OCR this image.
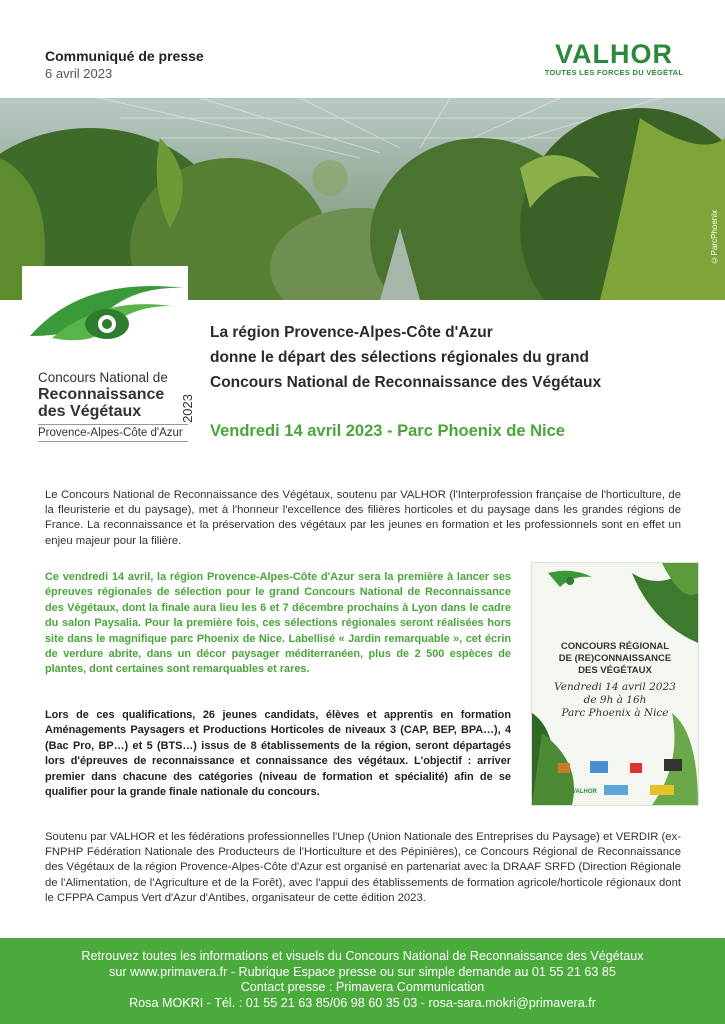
Communiqué de presse
6 avril 2023
VALHOR
TOUTES LES FORCES DU VÉGÉTAL
©ParcPhoenix
Concours National de
Reconnaissance
des Végétaux
Provence-Alpes-Côte d'Azur
2023
La région Provence-Alpes-Côte d'Azur
donne le départ des sélections régionales du grand
Concours National de Reconnaissance des Végétaux
Vendredi 14 avril 2023 - Parc Phoenix de Nice
Le Concours National de Reconnaissance des Végétaux, soutenu par VALHOR (l'Interprofession française de l'horticulture, de la fleuristerie et du paysage), met à l'honneur l'excellence des filières horticoles et du paysage dans les grandes régions de France. La reconnaissance et la préservation des végétaux par les jeunes en formation et les professionnels sont en effet un enjeu majeur pour la filière.
Ce vendredi 14 avril, la région Provence-Alpes-Côte d'Azur sera la première à lancer ses épreuves régionales de sélection pour le grand Concours National de Reconnaissance des Végétaux, dont la finale aura lieu les 6 et 7 décembre prochains à Lyon dans le cadre du salon Paysalia. Pour la première fois, ces sélections régionales seront réalisées hors site dans le magnifique parc Phoenix de Nice. Labellisé « Jardin remarquable », cet écrin de verdure abrite, dans un décor paysager méditerranéen, plus de 2 500 espèces de plantes, dont certaines sont remarquables et rares.
Lors de ces qualifications, 26 jeunes candidats, élèves et apprentis en formation Aménagements Paysagers et Productions Horticoles de niveaux 3 (CAP, BEP, BPA…), 4 (Bac Pro, BP…) et 5 (BTS…) issus de 8 établissements de la région, seront départagés lors d'épreuves de reconnaissance et connaissance des végétaux. L'objectif : arriver premier dans chacune des catégories (niveau de formation et spécialité) afin de se qualifier pour la grande finale nationale du concours.
Soutenu par VALHOR et les fédérations professionnelles l'Unep (Union Nationale des Entreprises du Paysage) et VERDIR (ex-FNPHP Fédération Nationale des Producteurs de l'Horticulture et des Pépinières), ce Concours Régional de Reconnaissance des Végétaux de la région Provence-Alpes-Côte d'Azur est organisé en partenariat avec la DRAAF SRFD (Direction Régionale de l'Alimentation, de l'Agriculture et de la Forêt), avec l'appui des établissements de formation agricole/horticole régionaux dont le CFPPA Campus Vert d'Azur d'Antibes, organisateur de cette édition 2023.
CONCOURS RÉGIONAL
DE (RE)CONNAISSANCE
DES VÉGÉTAUX
Vendredi 14 avril 2023
de 9h à 16h
Parc Phoenix à Nice
VALHOR
Retrouvez toutes les informations et visuels du Concours National de Reconnaissance des Végétaux
sur www.primavera.fr - Rubrique Espace presse ou sur simple demande au 01 55 21 63 85
Contact presse : Primavera Communication
Rosa MOKRI - Tél. : 01 55 21 63 85/06 98 60 35 03 - rosa-sara.mokri@primavera.fr
